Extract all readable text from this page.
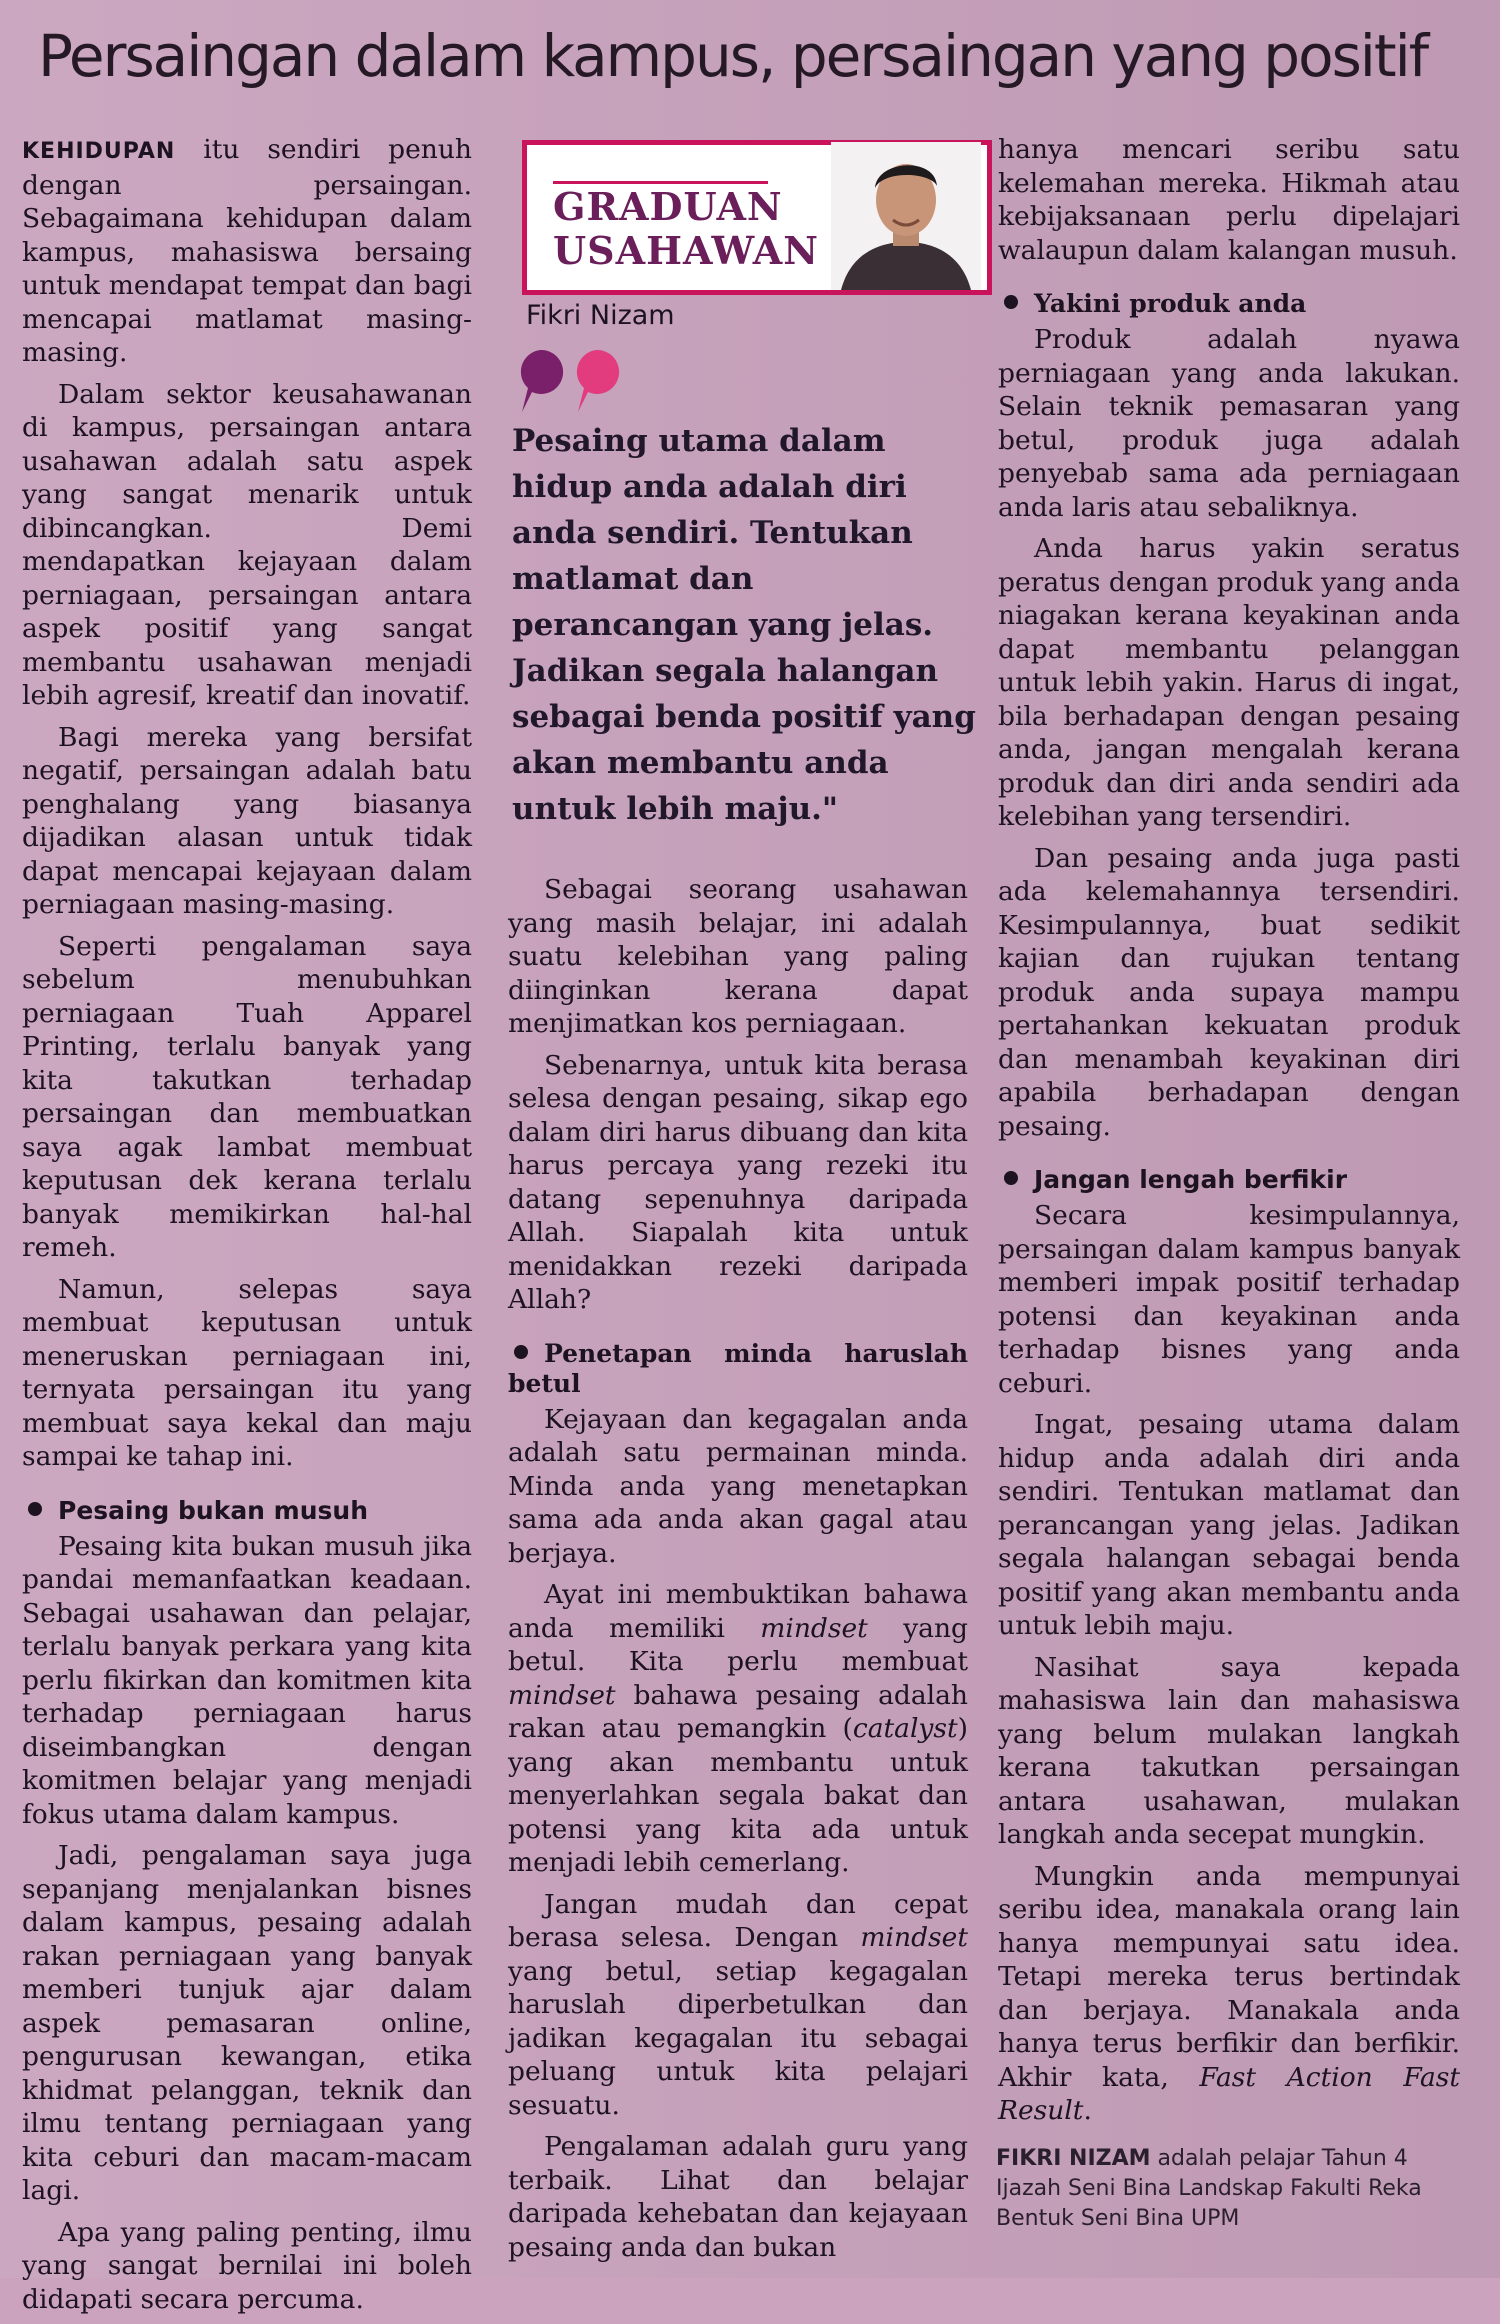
Persaingan dalam kampus, persaingan yang positif

KEHIDUPAN itu sendiri penuh dengan persaingan. Sebagaimana kehidupan dalam kampus, mahasiswa bersaing untuk mendapat tempat dan bagi mencapai matlamat masing-masing.

Dalam sektor keusahawanan di kampus, persaingan antara usahawan adalah satu aspek yang sangat menarik untuk dibincangkan. Demi mendapatkan kejayaan dalam perniagaan, persaingan antara aspek positif yang sangat membantu usahawan menjadi lebih agresif, kreatif dan inovatif.

Bagi mereka yang bersifat negatif, persaingan adalah batu penghalang yang biasanya dijadikan alasan untuk tidak dapat mencapai kejayaan dalam perniagaan masing-masing.

Seperti pengalaman saya sebelum menubuhkan perniagaan Tuah Apparel Printing, terlalu banyak yang kita takutkan terhadap persaingan dan membuatkan saya agak lambat membuat keputusan dek kerana terlalu banyak memikirkan hal-hal remeh.

Namun, selepas saya membuat keputusan untuk meneruskan perniagaan ini, ternyata persaingan itu yang membuat saya kekal dan maju sampai ke tahap ini.

Pesaing bukan musuh

Pesaing kita bukan musuh jika pandai memanfaatkan keadaan. Sebagai usahawan dan pelajar, terlalu banyak perkara yang kita perlu fikirkan dan komitmen kita terhadap perniagaan harus diseimbangkan dengan komitmen belajar yang menjadi fokus utama dalam kampus.

Jadi, pengalaman saya juga sepanjang menjalankan bisnes dalam kampus, pesaing adalah rakan perniagaan yang banyak memberi tunjuk ajar dalam aspek pemasaran online, pengurusan kewangan, etika khidmat pelanggan, teknik dan ilmu tentang perniagaan yang kita ceburi dan macam-macam lagi.

Apa yang paling penting, ilmu yang sangat bernilai ini boleh didapati secara percuma.

GRADUAN
USAHAWAN
Fikri Nizam
Pesaing utama dalam hidup anda adalah diri anda sendiri. Tentukan matlamat dan perancangan yang jelas. Jadikan segala halangan sebagai benda positif yang akan membantu anda untuk lebih maju."

Sebagai seorang usahawan yang masih belajar, ini adalah suatu kelebihan yang paling diinginkan kerana dapat menjimatkan kos perniagaan.

Sebenarnya, untuk kita berasa selesa dengan pesaing, sikap ego dalam diri harus dibuang dan kita harus percaya yang rezeki itu datang sepenuhnya daripada Allah. Siapalah kita untuk menidakkan rezeki daripada Allah?

Penetapan minda haruslah betul

Kejayaan dan kegagalan anda adalah satu permainan minda. Minda anda yang menetapkan sama ada anda akan gagal atau berjaya.

Ayat ini membuktikan bahawa anda memiliki mindset yang betul. Kita perlu membuat mindset bahawa pesaing adalah rakan atau pemangkin (catalyst) yang akan membantu untuk menyerlahkan segala bakat dan potensi yang kita ada untuk menjadi lebih cemerlang.

Jangan mudah dan cepat berasa selesa. Dengan mindset yang betul, setiap kegagalan haruslah diperbetulkan dan jadikan kegagalan itu sebagai peluang untuk kita pelajari sesuatu.

Pengalaman adalah guru yang terbaik. Lihat dan belajar daripada kehebatan dan kejayaan pesaing anda dan bukan

hanya mencari seribu satu kelemahan mereka. Hikmah atau kebijaksanaan perlu dipelajari walaupun dalam kalangan musuh.

Yakini produk anda

Produk adalah nyawa perniagaan yang anda lakukan. Selain teknik pemasaran yang betul, produk juga adalah penyebab sama ada perniagaan anda laris atau sebaliknya.

Anda harus yakin seratus peratus dengan produk yang anda niagakan kerana keyakinan anda dapat membantu pelanggan untuk lebih yakin. Harus di ingat, bila berhadapan dengan pesaing anda, jangan mengalah kerana produk dan diri anda sendiri ada kelebihan yang tersendiri.

Dan pesaing anda juga pasti ada kelemahannya tersendiri. Kesimpulannya, buat sedikit kajian dan rujukan tentang produk anda supaya mampu pertahankan kekuatan produk dan menambah keyakinan diri apabila berhadapan dengan pesaing.

Jangan lengah berfikir

Secara kesimpulannya, persaingan dalam kampus banyak memberi impak positif terhadap potensi dan keyakinan anda terhadap bisnes yang anda ceburi.

Ingat, pesaing utama dalam hidup anda adalah diri anda sendiri. Tentukan matlamat dan perancangan yang jelas. Jadikan segala halangan sebagai benda positif yang akan membantu anda untuk lebih maju.

Nasihat saya kepada mahasiswa lain dan mahasiswa yang belum mulakan langkah kerana takutkan persaingan antara usahawan, mulakan langkah anda secepat mungkin.

Mungkin anda mempunyai seribu idea, manakala orang lain hanya mempunyai satu idea. Tetapi mereka terus bertindak dan berjaya. Manakala anda hanya terus berfikir dan berfikir. Akhir kata, Fast Action Fast Result.

FIKRI NIZAM adalah pelajar Tahun 4 Ijazah Seni Bina Landskap Fakulti Reka Bentuk Seni Bina UPM
